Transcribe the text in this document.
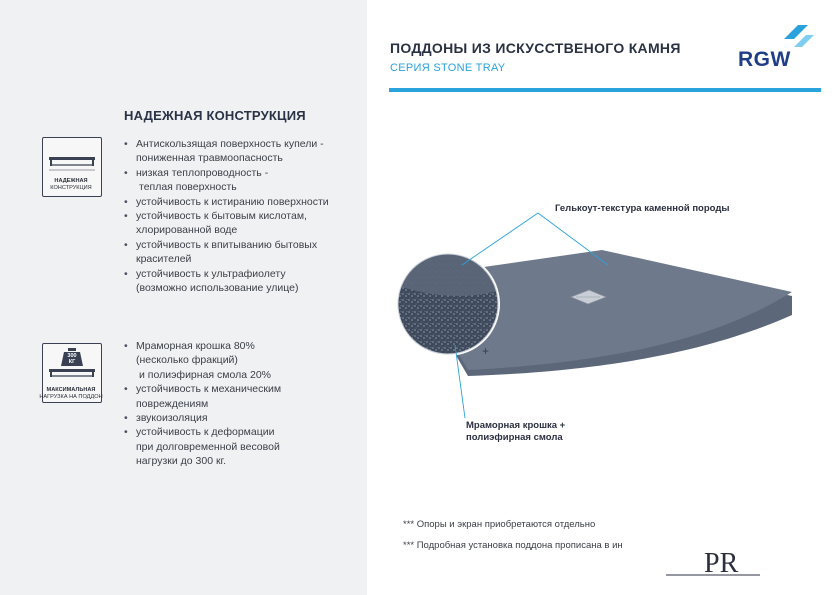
НАДЕЖНАЯ КОНСТРУКЦИЯ
НАДЕЖНАЯ
КОНСТРУКЦИЯ
300
КГ
МАКСИМАЛЬНАЯ
НАГРУЗКА НА ПОДДОН
• Антискользящая поверхность купели -
пониженная травмоопасность
• низкая теплопроводность -
теплая поверхность
• устойчивость к истиранию поверхности
• устойчивость к бытовым кислотам,
хлорированной воде
• устойчивость к впитыванию бытовых
красителей
• устойчивость к ультрафиолету
(возможно использование улице)
• Мраморная крошка 80%
(несколько фракций)
и полиэфирная смола 20%
• устойчивость к механическим
повреждениям
• звукоизоляция
• устойчивость к деформации
при долговременной весовой
нагрузки до 300 кг.
ПОДДОНЫ ИЗ ИСКУССТВЕНОГО КАМНЯ
СЕРИЯ STONE TRAY	RGW
+
Гелькоут-текстура каменной породы
Мраморная крошка +
полиэфирная смола
*** Опоры и экран приобретаются отдельно
*** Подробная установка поддона прописана в ин
PR
